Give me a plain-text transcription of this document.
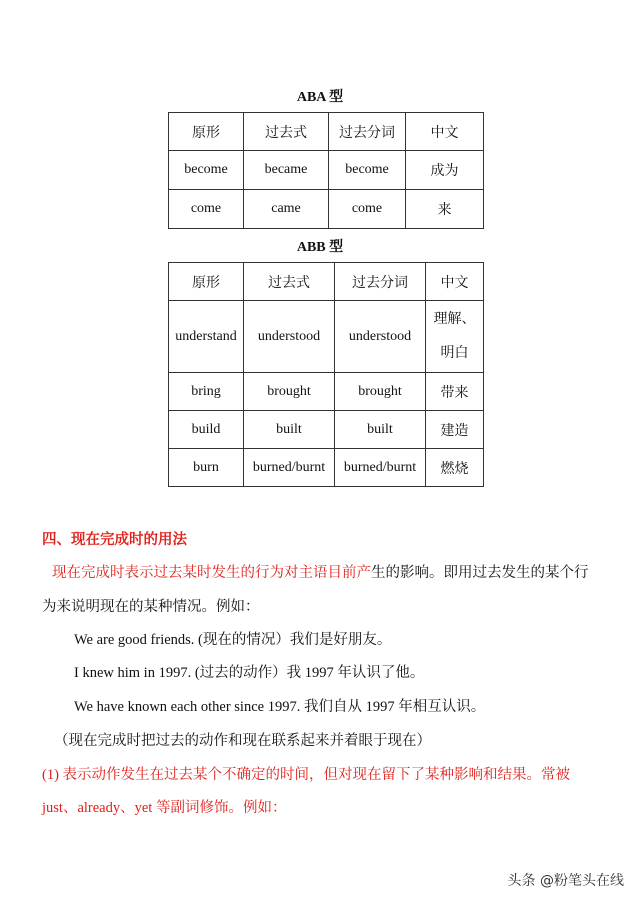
ABA 型
原形	过去式	过去分词	中文
become	became	become	成为
come	came	come	来
ABB 型
原形	过去式	过去分词	中文
understand	understood	understood	理解、明白
bring	brought	brought	带来
build	built	built	建造
burn	burned/burnt	burned/burnt	燃烧
四、现在完成时的用法
现在完成时表示过去某时发生的行为对主语目前产生的影响。即用过去发生的某个行
为来说明现在的某种情况。例如：
We are good friends. (现在的情况）我们是好朋友。
I knew him in 1997. (过去的动作）我 1997 年认识了他。
We have known each other since 1997. 我们自从 1997 年相互认识。
（现在完成时把过去的动作和现在联系起来并着眼于现在）
(1) 表示动作发生在过去某个不确定的时间，但对现在留下了某种影响和结果。常被
just、already、yet 等副词修饰。例如：
头条 @粉笔头在线
